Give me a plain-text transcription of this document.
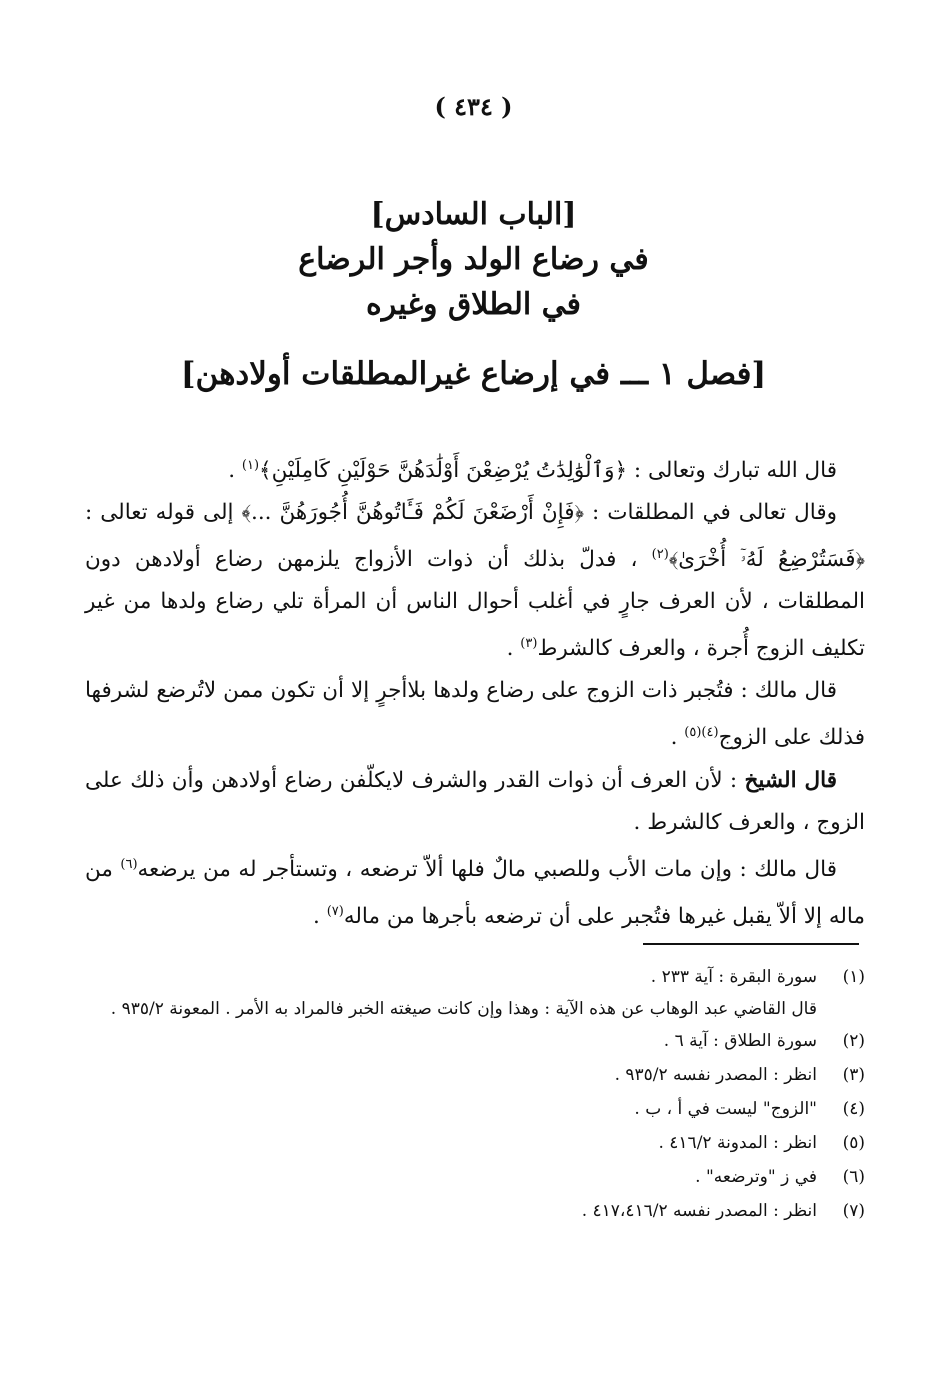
( ٤٣٤ )
[الباب السادس]
في رضاع الولد وأجر الرضاع
في الطلاق وغيره
[فصل ١ ـــ في إرضاع غيرالمطلقات أولادهن]

قال الله تبارك وتعالى : ﴿وَٱلْوَٰلِدَٰتُ يُرْضِعْنَ أَوْلَٰدَهُنَّ حَوْلَيْنِ كَامِلَيْنِ﴾$^{(١)}$ .

وقال تعالى في المطلقات : ﴿فَإِنْ أَرْضَعْنَ لَكُمْ فَـَٔاتُوهُنَّ أُجُورَهُنَّ ...﴾ إلى قوله تعالى : ﴿فَسَتُرْضِعُ لَهُۥٓ أُخْرَىٰ﴾$^{(٢)}$ ، فدلّ بذلك أن ذوات الأزواج يلزمهن رضاع أولادهن دون المطلقات ، لأن العرف جارٍ في أغلب أحوال الناس أن المرأة تلي رضاع ولدها من غير تكليف الزوج أُجرة ، والعرف كالشرط$^{(٣)}$ .

قال مالك : فتُجبر ذات الزوج على رضاع ولدها بلاأجرٍ إلا أن تكون ممن لاتُرضع لشرفها فذلك على الزوج$^{(٤)(٥)}$ .

قال الشيخ : لأن العرف أن ذوات القدر والشرف لايكلّفن رضاع أولادهن وأن ذلك على الزوج ، والعرف كالشرط .

قال مالك : وإن مات الأب وللصبي مالٌ فلها ألاّ ترضعه ، وتستأجر له من يرضعه$^{(٦)}$ من ماله إلا ألاّ يقبل غيرها فتُجبر على أن ترضعه بأجرها من ماله$^{(٧)}$ .

(١)
سورة البقرة : آية ٢٣٣ .
قال القاضي عبد الوهاب عن هذه الآية : وهذا وإن كانت صيغته الخبر فالمراد به الأمر . المعونة ٩٣٥/٢ .
(٢)
سورة الطلاق : آية ٦ .
(٣)
انظر : المصدر نفسه ٩٣٥/٢ .
(٤)
"الزوج" ليست في أ ، ب .
(٥)
انظر : المدونة ٤١٦/٢ .
(٦)
في ز "وترضعه" .
(٧)
انظر : المصدر نفسه ٤١٧،٤١٦/٢ .
